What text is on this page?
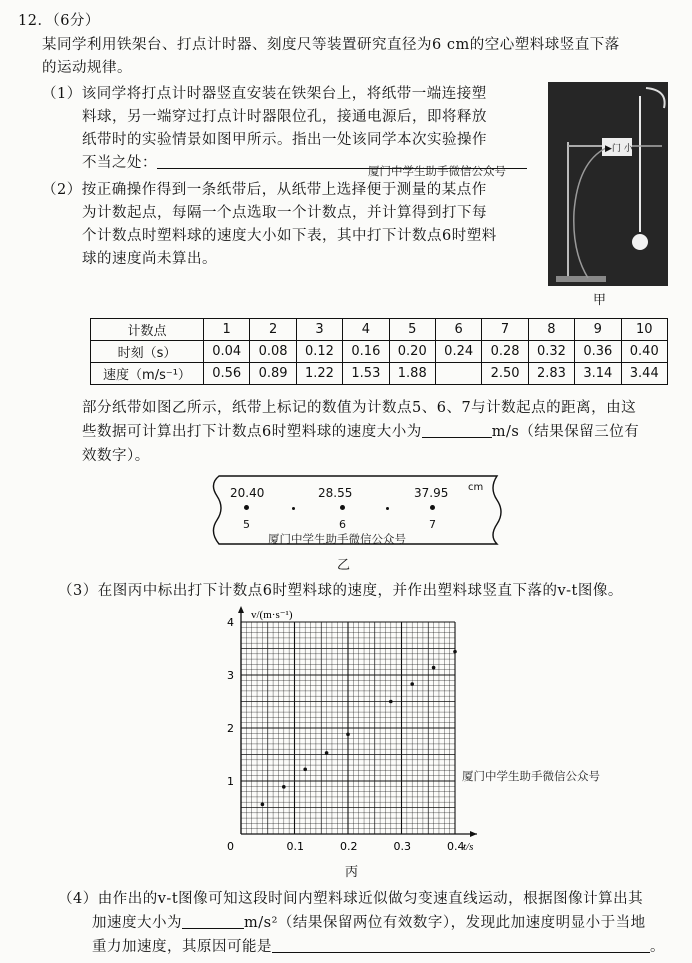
12．（6分）
某同学利用铁架台、打点计时器、刻度尺等装置研究直径为6 cm的空心塑料球竖直下落
的运动规律。
（1）该同学将打点计时器竖直安装在铁架台上，将纸带一端连接塑
料球，另一端穿过打点计时器限位孔，接通电源后，即将释放
纸带时的实验情景如图甲所示。指出一处该同学本次实验操作
不当之处：	厦门中学生助手微信公众号
（2）按正确操作得到一条纸带后，从纸带上选择便于测量的某点作
为计数起点，每隔一个点选取一个计数点，并计算得到打下每
个计数点时塑料球的速度大小如下表，其中打下计数点6时塑料
球的速度尚未算出。
▶门 小
甲
计数点	1	2	3	4	5	6	7	8	9	10
时刻（s）	0.04	0.08	0.12	0.16	0.20	0.24	0.28	0.32	0.36	0.40
速度（m/s⁻¹）	0.56	0.89	1.22	1.53	1.88		2.50	2.83	3.14	3.44
部分纸带如图乙所示，纸带上标记的数值为计数点5、6、7与计数起点的距离，由这
些数据可计算出打下计数点6时塑料球的速度大小为	m/s（结果保留三位有
效数字）。
20.40	28.55	37.95 cm
5	6	7
厦门中学生助手微信公众号
乙
（3）在图丙中标出打下计数点6时塑料球的速度，并作出塑料球竖直下落的v-t图像。
0.1	0.2	0.3	0.4
1
2
3
4
t/s
v/(m·s⁻¹)
0
厦门中学生助手微信公众号
丙
（4）由作出的v-t图像可知这段时间内塑料球近似做匀变速直线运动，根据图像计算出其
加速度大小为	m/s²（结果保留两位有效数字），发现此加速度明显小于当地
重力加速度，其原因可能是	。
